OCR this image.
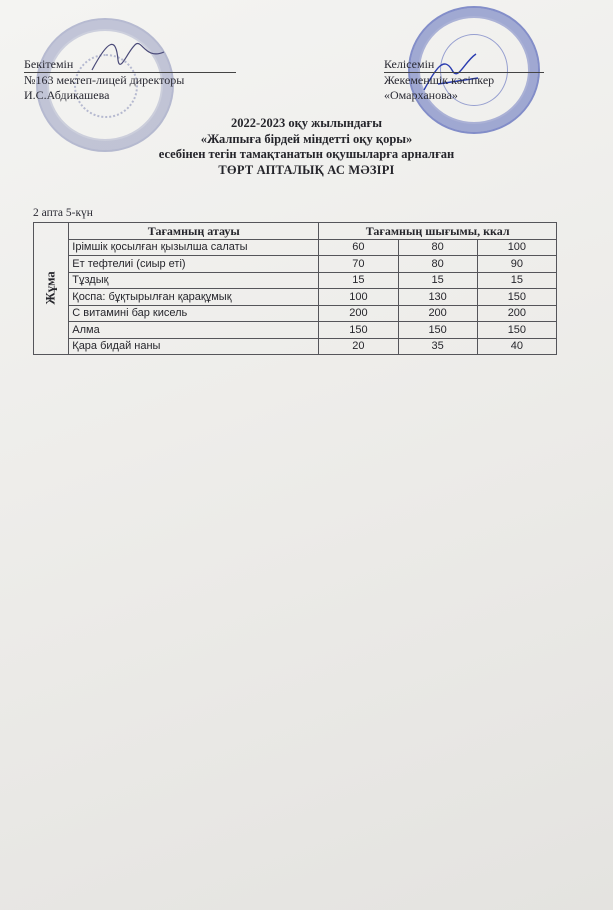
Бекітемін
№163 мектеп-лицей директоры
И.С.Абдикашева
Келісемін
Жекеменшік кәсіпкер
«Омарханова»
2022-2023 оқу жылындағы
«Жалпыға бірдей міндетті оқу қоры»
есебінен тегін тамақтанатын оқушыларға арналған
ТӨРТ АПТАЛЫҚ АС МӘЗІРІ
2 апта 5-күн
Жұма	Тағамның атауы	Тағамның шығымы, ккал		
	Ірімшік қосылған қызылша салаты	60	80	100
	Ет тефтелиі (сиыр еті)	70	80	90
	Тұздық	15	15	15
	Қоспа: бұқтырылған қарақұмық	100	130	150
	С витамині бар кисель	200	200	200
	Алма	150	150	150
	Қара бидай наны	20	35	40
